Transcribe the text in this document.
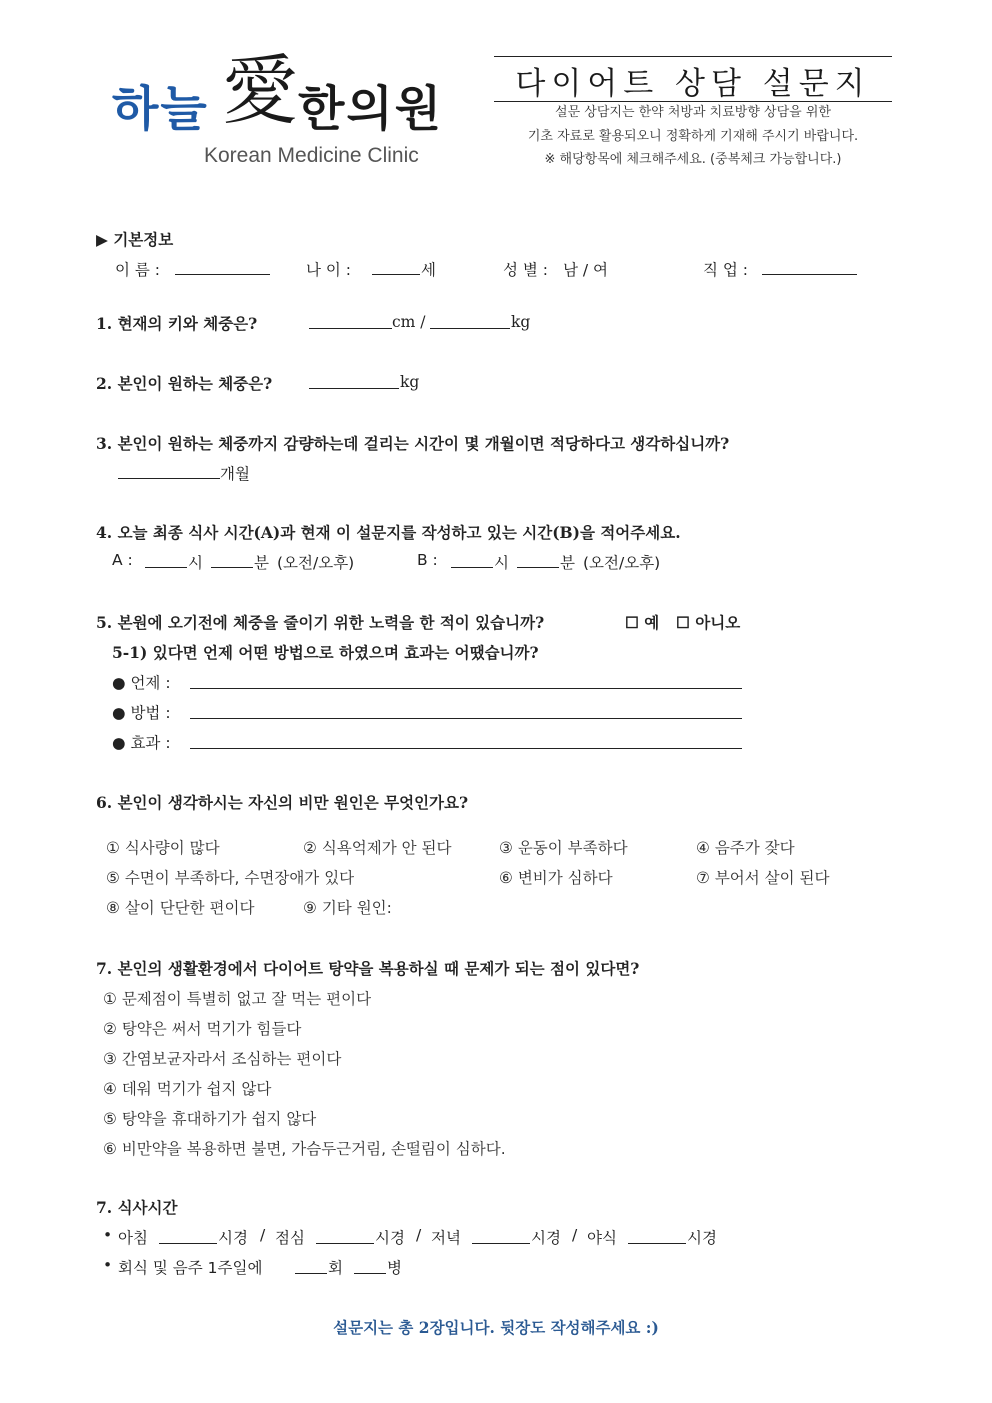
하늘 愛 한의원
Korean Medicine Clinic
다이어트 상담 설문지
설문 상담지는 한약 처방과 치료방향 상담을 위한
기초 자료로 활용되오니 정확하게 기재해 주시기 바랍니다.
※ 해당항목에 체크해주세요. (중복체크 가능합니다.)
▶ 기본정보
이 름 :	나 이 :	세	성 별 : 남 / 여	직 업 :
1. 현재의 키와 체중은?	cm /	kg
2. 본인이 원하는 체중은?	kg
3. 본인이 원하는 체중까지 감량하는데 걸리는 시간이 몇 개월이면 적당하다고 생각하십니까?
개월
4. 오늘 최종 식사 시간(A)과 현재 이 설문지를 작성하고 있는 시간(B)을 적어주세요.
A :	시	분 (오전/오후)	B :	시	분 (오전/오후)
5. 본원에 오기전에 체중을 줄이기 위한 노력을 한 적이 있습니까?	☐ 예 ☐ 아니오
5-1) 있다면 언제 어떤 방법으로 하였으며 효과는 어땠습니까?
● 언제 :
● 방법 :
● 효과 :
6. 본인이 생각하시는 자신의 비만 원인은 무엇인가요?
① 식사량이 많다	② 식욕억제가 안 된다	③ 운동이 부족하다	④ 음주가 잦다
⑤ 수면이 부족하다, 수면장애가 있다	⑥ 변비가 심하다	⑦ 부어서 살이 된다
⑧ 살이 단단한 편이다	⑨ 기타 원인:
7. 본인의 생활환경에서 다이어트 탕약을 복용하실 때 문제가 되는 점이 있다면?
① 문제점이 특별히 없고 잘 먹는 편이다
② 탕약은 써서 먹기가 힘들다
③ 간염보균자라서 조심하는 편이다
④ 데워 먹기가 쉽지 않다
⑤ 탕약을 휴대하기가 쉽지 않다
⑥ 비만약을 복용하면 불면, 가슴두근거림, 손떨림이 심하다.
7. 식사시간
• 아침	시경 / 점심	시경 / 저녁	시경 / 야식	시경
• 회식 및 음주 1주일에	회	병
설문지는 총 2장입니다. 뒷장도 작성해주세요 :)
